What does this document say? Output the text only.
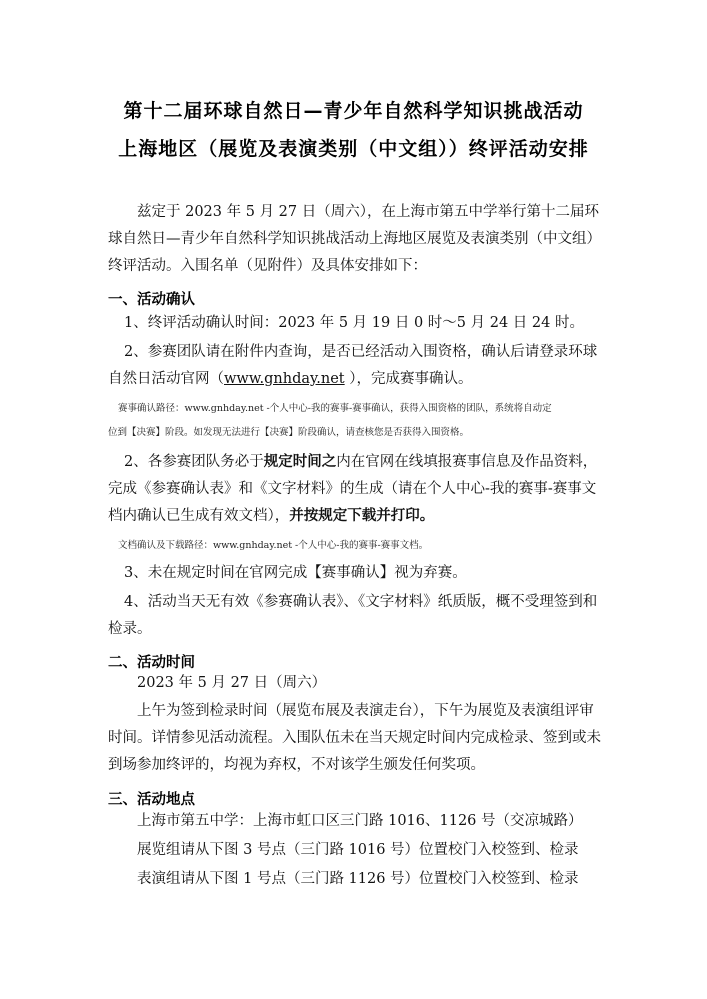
第十二届环球自然日—青少年自然科学知识挑战活动
上海地区（展览及表演类别（中文组））终评活动安排
兹定于 2023 年 5 月 27 日（周六），在上海市第五中学举行第十二届环球自然日—青少年自然科学知识挑战活动上海地区展览及表演类别（中文组）终评活动。入围名单（见附件）及具体安排如下：
一、活动确认
1、终评活动确认时间：2023 年 5 月 19 日 0 时～5 月 24 日 24 时。
2、参赛团队请在附件内查询，是否已经活动入围资格，确认后请登录环球自然日活动官网（www.gnhday.net ），完成赛事确认。
赛事确认路径：www.gnhday.net -个人中心-我的赛事-赛事确认，获得入围资格的团队，系统将自动定
位到【决赛】阶段。如发现无法进行【决赛】阶段确认，请查核您是否获得入围资格。
2、各参赛团队务必于规定时间之内在官网在线填报赛事信息及作品资料，完成《参赛确认表》和《文字材料》的生成（请在个人中心-我的赛事-赛事文档内确认已生成有效文档），并按规定下载并打印。
文档确认及下载路径：www.gnhday.net -个人中心-我的赛事-赛事文档。
3、未在规定时间在官网完成【赛事确认】视为弃赛。
4、活动当天无有效《参赛确认表》、《文字材料》纸质版，概不受理签到和检录。
二、活动时间
2023 年 5 月 27 日（周六）
上午为签到检录时间（展览布展及表演走台），下午为展览及表演组评审时间。详情参见活动流程。入围队伍未在当天规定时间内完成检录、签到或未到场参加终评的，均视为弃权，不对该学生颁发任何奖项。
三、活动地点
上海市第五中学：上海市虹口区三门路 1016、1126 号（交凉城路）
展览组请从下图 3 号点（三门路 1016 号）位置校门入校签到、检录
表演组请从下图 1 号点（三门路 1126 号）位置校门入校签到、检录
